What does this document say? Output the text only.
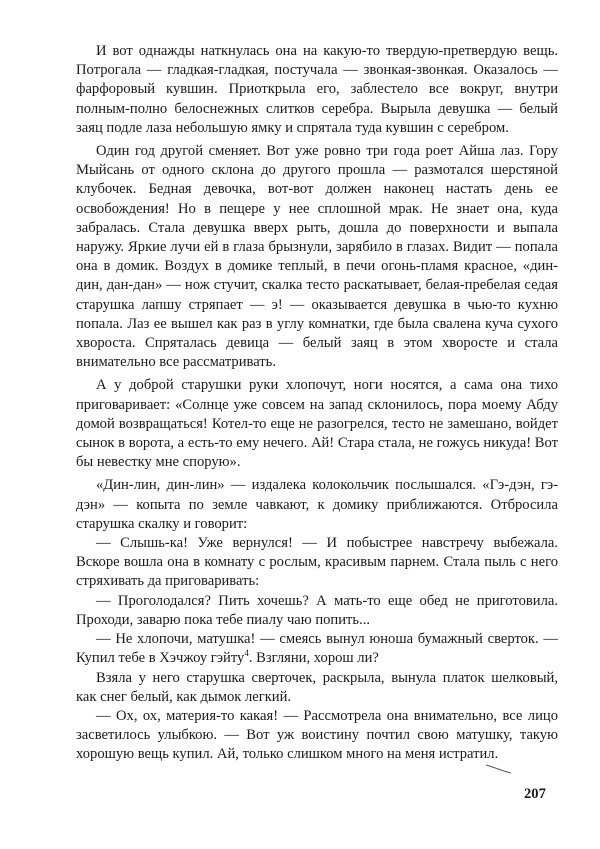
И вот однажды наткнулась она на какую-то твердую-претвердую вещь. Потрогала — гладкая-гладкая, постучала — звонкая-звонкая. Оказалось — фарфоровый кувшин. Приоткрыла его, заблестело все вокруг, внутри полным-полно белоснежных слитков серебра. Вырыла девушка — белый заяц подле лаза небольшую ямку и спрятала туда кувшин с серебром.

Один год другой сменяет. Вот уже ровно три года роет Айша лаз. Гору Мыйсань от одного склона до другого прошла — размотался шерстяной клубочек. Бедная девочка, вот-вот должен наконец настать день ее освобождения! Но в пещере у нее сплошной мрак. Не знает она, куда забралась. Стала девушка вверх рыть, дошла до поверхности и выпала наружу. Яркие лучи ей в глаза брызнули, зарябило в глазах. Видит — попала она в домик. Воздух в домике теплый, в печи огонь-пламя красное, «дин-дин, дан-дан» — нож стучит, скалка тесто раскатывает, белая-пребелая седая старушка лапшу стряпает — э! — оказывается девушка в чью-то кухню попала. Лаз ее вышел как раз в углу комнатки, где была свалена куча сухого хвороста. Спряталась девица — белый заяц в этом хворосте и стала внимательно все рассматривать.

А у доброй старушки руки хлопочут, ноги носятся, а сама она тихо приговаривает: «Солнце уже совсем на запад склонилось, пора моему Абду домой возвращаться! Котел-то еще не разогрелся, тесто не замешано, войдет сынок в ворота, а есть-то ему нечего. Ай! Стара стала, не гожусь никуда! Вот бы невестку мне спорую».

«Дин-лин, дин-лин» — издалека колокольчик послышался. «Гэ-дэн, гэ-дэн» — копыта по земле чавкают, к домику приближаются. Отбросила старушка скалку и говорит:

— Слышь-ка! Уже вернулся! — И побыстрее навстречу выбежала. Вскоре вошла она в комнату с рослым, красивым парнем. Стала пыль с него стряхивать да приговаривать:

— Проголодался? Пить хочешь? А мать-то еще обед не приготовила. Проходи, заварю пока тебе пиалу чаю попить...

— Не хлопочи, матушка! — смеясь вынул юноша бумажный сверток. — Купил тебе в Хэчжоу гэйту$^4$. Взгляни, хорош ли?

Взяла у него старушка сверточек, раскрыла, вынула платок шелковый, как снег белый, как дымок легкий.

— Ох, ох, материя-то какая! — Рассмотрела она внимательно, все лицо засветилось улыбкою. — Вот уж воистину почтил свою матушку, такую хорошую вещь купил. Ай, только слишком много на меня истратил.

207
